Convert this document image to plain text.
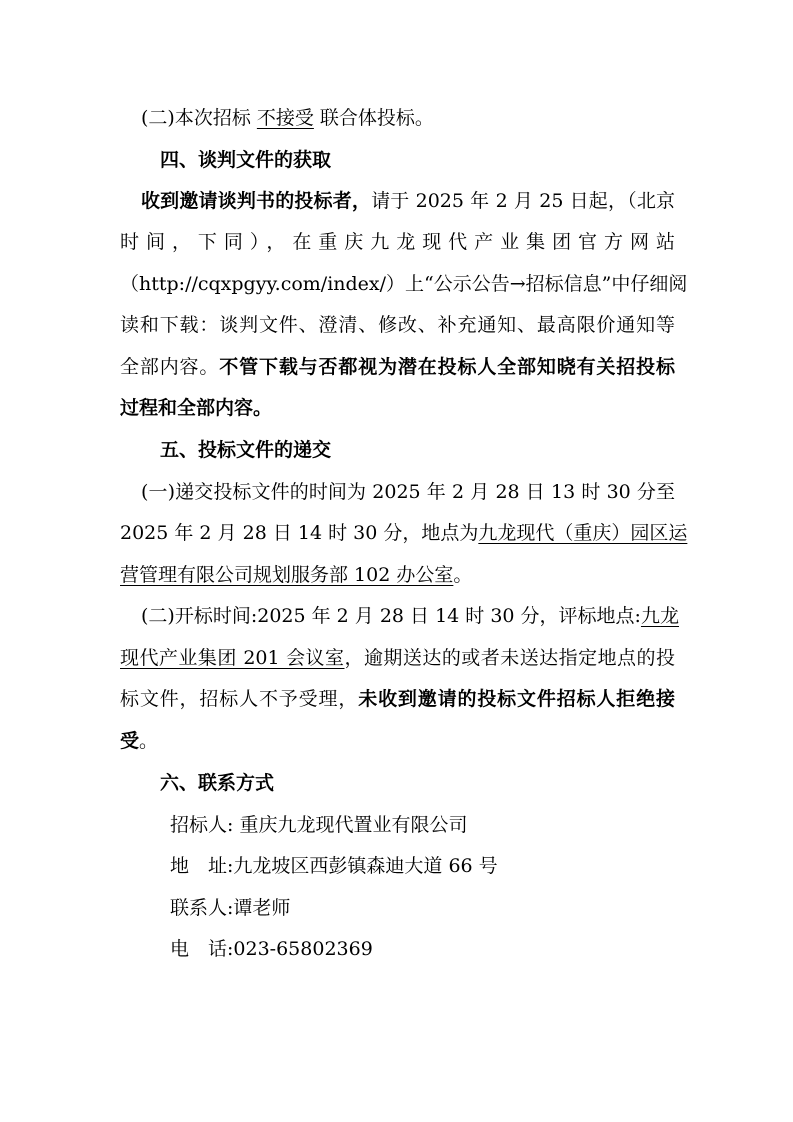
(二)本次招标 不接受 联合体投标。
四、谈判文件的获取
收到邀请谈判书的投标者，请于 2025 年 2 月 25 日起，（北京
时间，下同），在重庆九龙现代产业集团官方网站
（http://cqxpgyy.com/index/）上“公示公告→招标信息”中仔细阅
读和下载：谈判文件、澄清、修改、补充通知、最高限价通知等
全部内容。不管下载与否都视为潜在投标人全部知晓有关招投标
过程和全部内容。
五、投标文件的递交
(一)递交投标文件的时间为 2025 年 2 月 28 日 13 时 30 分至
2025 年 2 月 28 日 14 时 30 分，地点为九龙现代（重庆）园区运
营管理有限公司规划服务部 102 办公室。
(二)开标时间:2025 年 2 月 28 日 14 时 30 分，评标地点:九龙
现代产业集团 201 会议室，逾期送达的或者未送达指定地点的投
标文件，招标人不予受理，未收到邀请的投标文件招标人拒绝接
受。
六、联系方式
招标人: 重庆九龙现代置业有限公司
地　址:九龙坡区西彭镇森迪大道 66 号
联系人:谭老师
电　话:023-65802369
